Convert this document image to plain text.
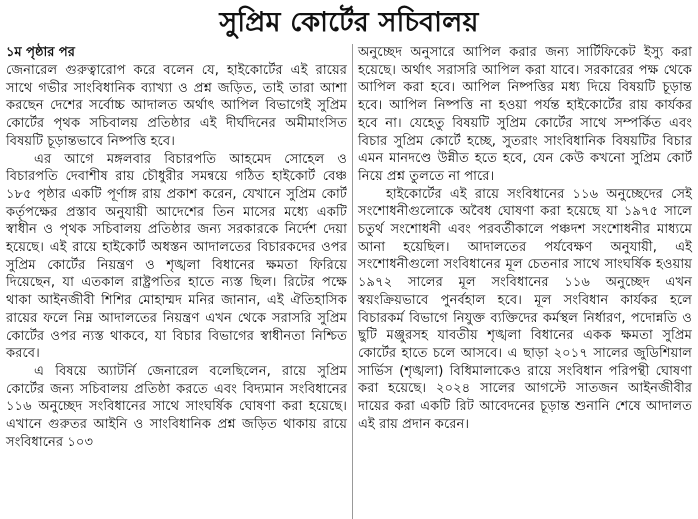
সুপ্রিম কোর্টের সচিবালয়
১ম পৃষ্ঠার পর

জেনারেল গুরুত্বারোপ করে বলেন যে, হাইকোর্টের এই রায়ের সাথে গভীর সাংবিধানিক ব্যাখ্যা ও প্রশ্ন জড়িত, তাই তারা আশা করছেন দেশের সর্বোচ্চ আদালত অর্থাৎ আপিল বিভাগেই সুপ্রিম কোর্টের পৃথক সচিবালয় প্রতিষ্ঠার এই দীর্ঘদিনের অমীমাংসিত বিষয়টি চূড়ান্তভাবে নিষ্পত্তি হবে।

এর আগে মঙ্গলবার বিচারপতি আহমেদ সোহেল ও বিচারপতি দেবাশীষ রায় চৌধুরীর সমন্বয়ে গঠিত হাইকোর্ট বেঞ্চ ১৮৫ পৃষ্ঠার একটি পূর্ণাঙ্গ রায় প্রকাশ করেন, যেখানে সুপ্রিম কোর্ট কর্তৃপক্ষের প্রস্তাব অনুযায়ী আদেশের তিন মাসের মধ্যে একটি স্বাধীন ও পৃথক সচিবালয় প্রতিষ্ঠার জন্য সরকারকে নির্দেশ দেয়া হয়েছে। এই রায়ে হাইকোর্ট অধস্তন আদালতের বিচারকদের ওপর সুপ্রিম কোর্টের নিয়ন্ত্রণ ও শৃঙ্খলা বিধানের ক্ষমতা ফিরিয়ে দিয়েছেন, যা এতকাল রাষ্ট্রপতির হাতে ন্যস্ত ছিল। রিটের পক্ষে থাকা আইনজীবী শিশির মোহাম্মদ মনির জানান, এই ঐতিহাসিক রায়ের ফলে নিম্ন আদালতের নিয়ন্ত্রণ এখন থেকে সরাসরি সুপ্রিম কোর্টের ওপর ন্যস্ত থাকবে, যা বিচার বিভাগের স্বাধীনতা নিশ্চিত করবে।

এ বিষয়ে অ্যাটর্নি জেনারেল বলেছিলেন, রায়ে সুপ্রিম কোর্টের জন্য সচিবালয় প্রতিষ্ঠা করতে এবং বিদ্যমান সংবিধানের ১১৬ অনুচ্ছেদ সংবিধানের সাথে সাংঘর্ষিক ঘোষণা করা হয়েছে। এখানে গুরুতর আইনি ও সাংবিধানিক প্রশ্ন জড়িত থাকায় রায়ে সংবিধানের ১০৩

অনুচ্ছেদ অনুসারে আপিল করার জন্য সার্টিফিকেট ইস্যু করা হয়েছে। অর্থাৎ সরাসরি আপিল করা যাবে। সরকারের পক্ষ থেকে আপিল করা হবে। আপিল নিষ্পত্তির মধ্য দিয়ে বিষয়টি চূড়ান্ত হবে। আপিল নিষ্পত্তি না হওয়া পর্যন্ত হাইকোর্টের রায় কার্যকর হবে না। যেহেতু বিষয়টি সুপ্রিম কোর্টের সাথে সম্পর্কিত এবং বিচার সুপ্রিম কোর্টে হচ্ছে, সুতরাং সাংবিধানিক বিষয়টির বিচার এমন মানদণ্ডে উন্নীত হতে হবে, যেন কেউ কখনো সুপ্রিম কোর্ট নিয়ে প্রশ্ন তুলতে না পারে।

হাইকোর্টের এই রায়ে সংবিধানের ১১৬ অনুচ্ছেদের সেই সংশোধনীগুলোকে অবৈধ ঘোষণা করা হয়েছে যা ১৯৭৫ সালে চতুর্থ সংশোধনী এবং পরবর্তীকালে পঞ্চদশ সংশোধনীর মাধ্যমে আনা হয়েছিল। আদালতের পর্যবেক্ষণ অনুযায়ী, এই সংশোধনীগুলো সংবিধানের মূল চেতনার সাথে সাংঘর্ষিক হওয়ায় ১৯৭২ সালের মূল সংবিধানের ১১৬ অনুচ্ছেদ এখন স্বয়ংক্রিয়ভাবে পুনর্বহাল হবে। মূল সংবিধান কার্যকর হলে বিচারকর্ম বিভাগে নিযুক্ত ব্যক্তিদের কর্মস্থল নির্ধারণ, পদোন্নতি ও ছুটি মঞ্জুরসহ যাবতীয় শৃঙ্খলা বিধানের একক ক্ষমতা সুপ্রিম কোর্টের হাতে চলে আসবে। এ ছাড়া ২০১৭ সালের জুডিশিয়াল সার্ভিস (শৃঙ্খলা) বিধিমালাকেও রায়ে সংবিধান পরিপন্থী ঘোষণা করা হয়েছে। ২০২৪ সালের আগস্টে সাতজন আইনজীবীর দায়ের করা একটি রিট আবেদনের চূড়ান্ত শুনানি শেষে আদালত এই রায় প্রদান করেন।
